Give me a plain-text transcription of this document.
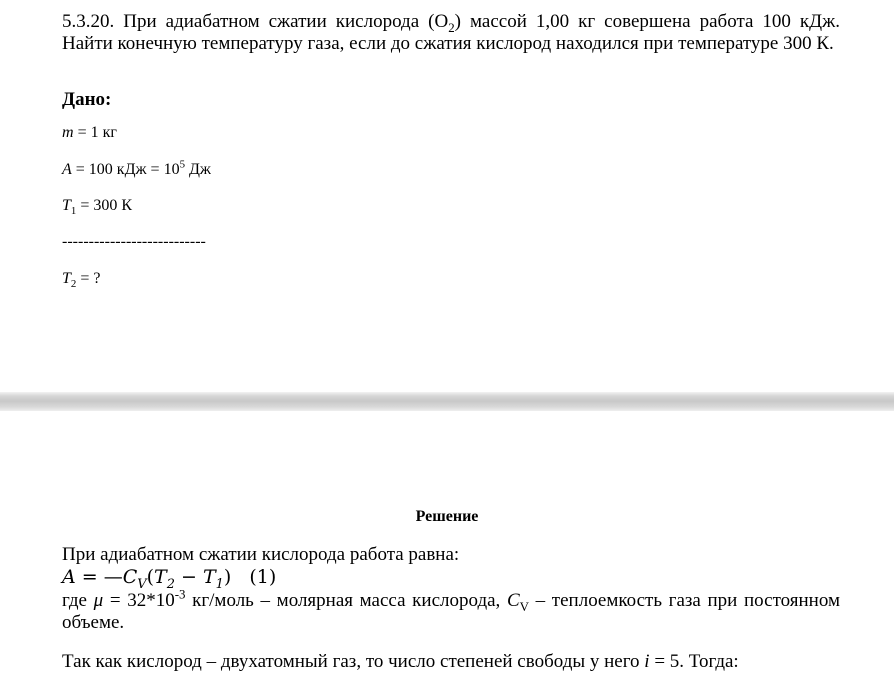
5.3.20. При адиабатном сжатии кислорода $(O_2)$ массой 1,00 кг совершена работа 100 кДж. Найти конечную температуру газа, если до сжатия кислород находился при температуре 300 К.

Дано:

m = 1 кг

A = 100 кДж = $10^5$ Дж

$T_1 = 300$ К

---------------------------

$T_2$ = ?

Решение

При адиабатном сжатии кислорода работа равна:

$A = —C_V(T_2 - T_1)$ (1)

где $\mu = 32*10^{-3}$ кг/моль – молярная масса кислорода, $C_V$ – теплоемкость газа при постоянном объеме.

Так как кислород – двухатомный газ, то число степеней свободы у него i = 5. Тогда:
